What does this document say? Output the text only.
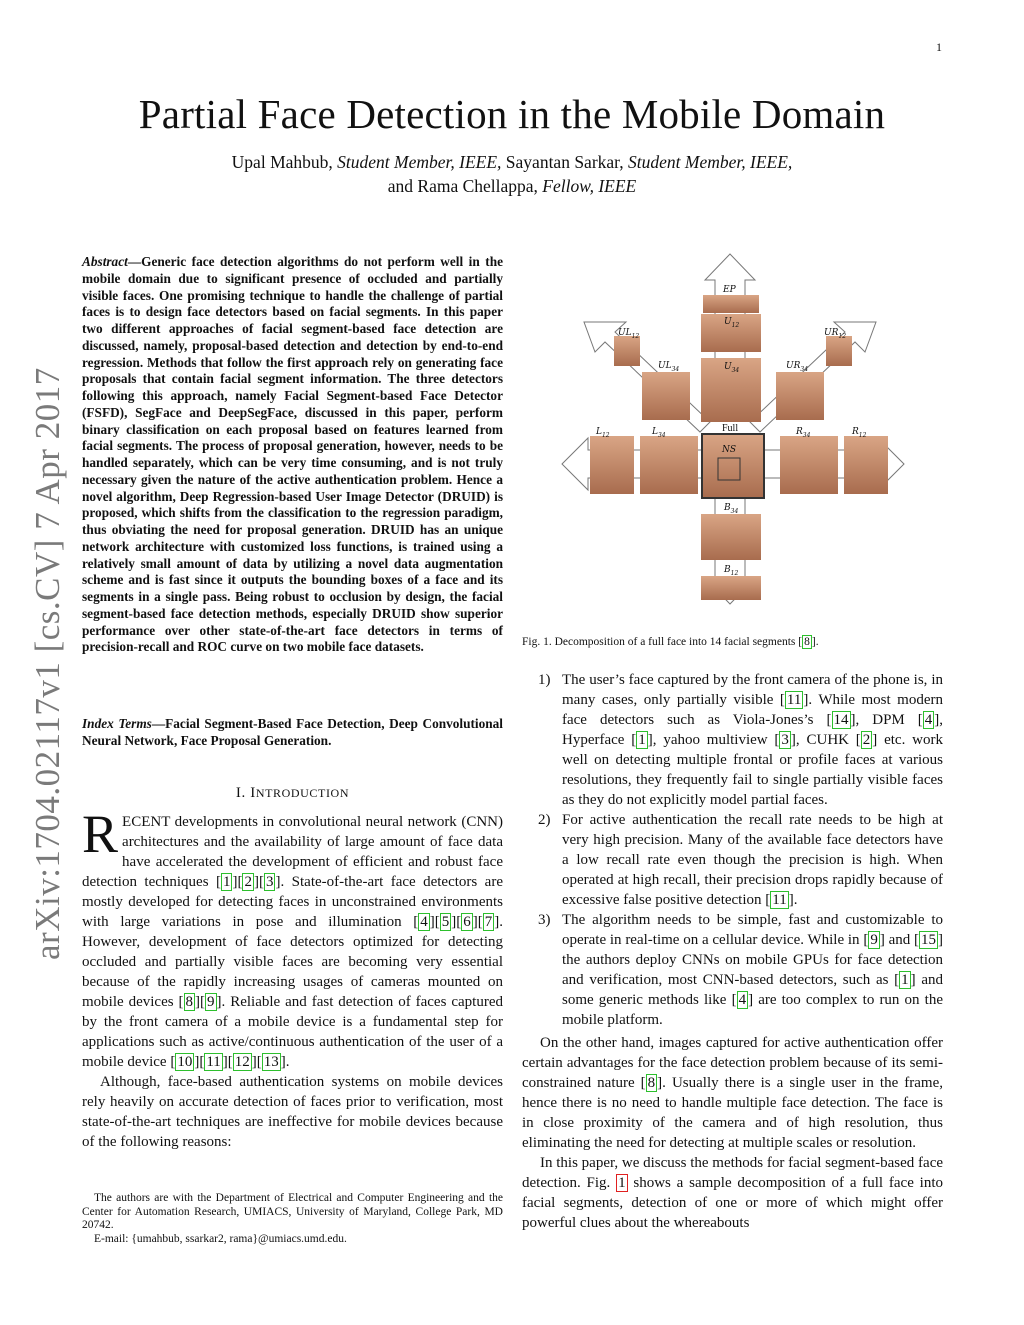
1
Partial Face Detection in the Mobile Domain
Upal Mahbub, Student Member, IEEE, Sayantan Sarkar, Student Member, IEEE,
and Rama Chellappa, Fellow, IEEE
arXiv:1704.02117v1 [cs.CV] 7 Apr 2017
Abstract—Generic face detection algorithms do not perform well in the mobile domain due to significant presence of occluded and partially visible faces. One promising technique to handle the challenge of partial faces is to design face detectors based on facial segments. In this paper two different approaches of facial segment-based face detection are discussed, namely, proposal-based detection and detection by end-to-end regression. Methods that follow the first approach rely on generating face proposals that contain facial segment information. The three detectors following this approach, namely Facial Segment-based Face Detector (FSFD), SegFace and DeepSegFace, discussed in this paper, perform binary classification on each proposal based on features learned from facial segments. The process of proposal generation, however, needs to be handled separately, which can be very time consuming, and is not truly necessary given the nature of the active authentication problem. Hence a novel algorithm, Deep Regression-based User Image Detector (DRUID) is proposed, which shifts from the classification to the regression paradigm, thus obviating the need for proposal generation. DRUID has an unique network architecture with customized loss functions, is trained using a relatively small amount of data by utilizing a novel data augmentation scheme and is fast since it outputs the bounding boxes of a face and its segments in a single pass. Being robust to occlusion by design, the facial segment-based face detection methods, especially DRUID show superior performance over other state-of-the-art face detectors in terms of precision-recall and ROC curve on two mobile face datasets.
Index Terms—Facial Segment-Based Face Detection, Deep Convolutional Neural Network, Face Proposal Generation.
I. INTRODUCTION

RECENT developments in convolutional neural network (CNN) architectures and the availability of large amount of face data have accelerated the development of efficient and robust face detection techniques [ 1 ][ 2 ][ 3 ]. State-of-the-art face detectors are mostly developed for detecting faces in unconstrained environments with large variations in pose and illumination [ 4 ][ 5 ][ 6 ][ 7 ]. However, development of face detectors optimized for detecting occluded and partially visible faces are becoming very essential because of the rapidly increasing usages of cameras mounted on mobile devices [ 8 ][ 9 ]. Reliable and fast detection of faces captured by the front camera of a mobile device is a fundamental step for applications such as active/continuous authentication of the user of a mobile device [ 10 ][ 11 ][ 12 ][ 13 ].

Although, face-based authentication systems on mobile devices rely heavily on accurate detection of faces prior to verification, most state-of-the-art techniques are ineffective for mobile devices because of the following reasons:

The authors are with the Department of Electrical and Computer Engineering and the Center for Automation Research, UMIACS, University of Maryland, College Park, MD 20742.

E-mail: {umahbub, ssarkar2, rama}@umiacs.umd.edu.

EP
$U_{12}$
$U_{34}$
$UL_{12}$
$UL_{34}$	$UR_{34}$
$UR_{12}$
$L_{12}$	$L_{34}$
Full
NS
$R_{34}$	$R_{12}$
$B_{34}$
$B_{12}$
Fig. 1. Decomposition of a full face into 14 facial segments [ 8 ].
1) The user’s face captured by the front camera of the phone is, in many cases, only partially visible [ 11 ]. While most modern face detectors such as Viola-Jones’s [ 14 ], DPM [ 4 ], Hyperface [ 1 ], yahoo multiview [ 3 ], CUHK [ 2 ] etc. work well on detecting multiple frontal or profile faces at various resolutions, they frequently fail to single partially visible faces as they do not explicitly model partial faces.
2) For active authentication the recall rate needs to be high at very high precision. Many of the available face detectors have a low recall rate even though the precision is high. When operated at high recall, their precision drops rapidly because of excessive false positive detection [ 11 ].
3) The algorithm needs to be simple, fast and customizable to operate in real-time on a cellular device. While in [ 9 ] and [ 15 ] the authors deploy CNNs on mobile GPUs for face detection and verification, most CNN-based detectors, such as [ 1 ] and some generic methods like [ 4 ] are too complex to run on the mobile platform.

On the other hand, images captured for active authentication offer certain advantages for the face detection problem because of its semi-constrained nature [ 8 ]. Usually there is a single user in the frame, hence there is no need to handle multiple face detection. The face is in close proximity of the camera and of high resolution, thus eliminating the need for detecting at multiple scales or resolution.

In this paper, we discuss the methods for facial segment-based face detection. Fig. 1 shows a sample decomposition of a full face into facial segments, detection of one or more of which might offer powerful clues about the whereabouts
